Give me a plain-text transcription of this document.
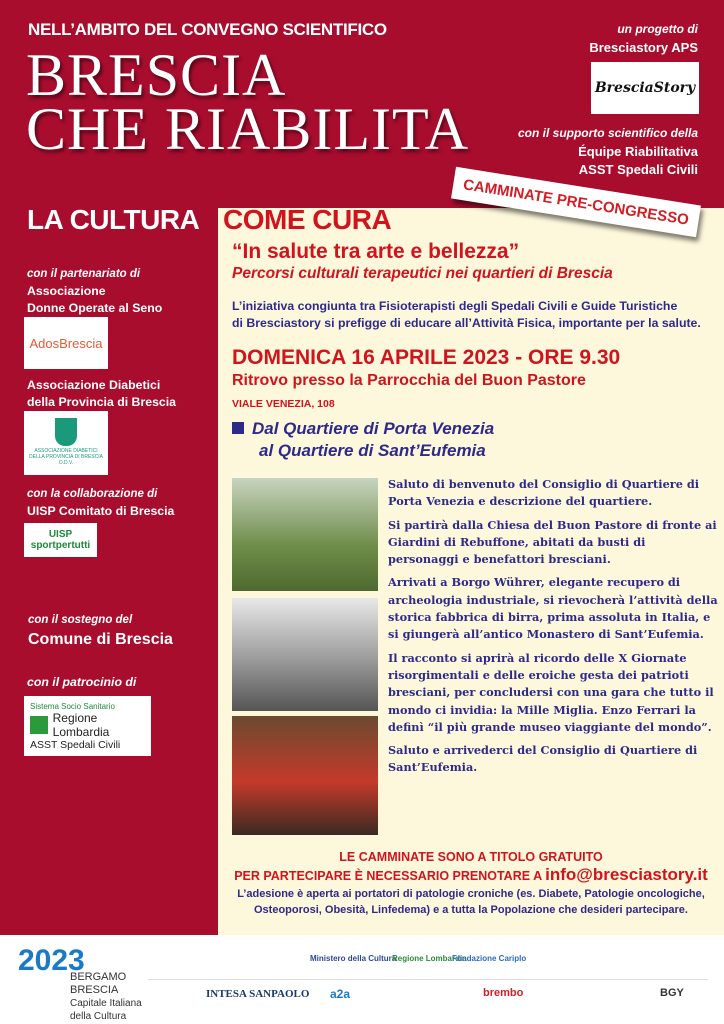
NELL’AMBITO DEL CONVEGNO SCIENTIFICO
BRESCIA
CHE RIABILITA
un progetto di
Bresciastory APS
BresciaStory
con il supporto scientifico della
Équipe Riabilitativa
ASST Spedali Civili
LA CULTURA COME CURA	CAMMINATE PRE-CONGRESSO
“In salute tra arte e bellezza”
Percorsi culturali terapeutici nei quartieri di Brescia
L’iniziativa congiunta tra Fisioterapisti degli Spedali Civili e Guide Turistiche
di Bresciastory si prefigge di educare all’Attività Fisica, importante per la salute.
DOMENICA 16 APRILE 2023 - ORE 9.30
Ritrovo presso la Parrocchia del Buon Pastore
VIALE VENEZIA, 108
Dal Quartiere di Porta Venezia
al Quartiere di Sant’Eufemia

Saluto di benvenuto del Consiglio di Quartiere di Porta Venezia e descrizione del quartiere.

Si partirà dalla Chiesa del Buon Pastore di fronte ai Giardini di Rebuffone, abitati da busti di personaggi e benefattori bresciani.

Arrivati a Borgo Wührer, elegante recupero di archeologia industriale, si rievocherà l’attività della storica fabbrica di birra, prima assoluta in Italia, e si giungerà all’antico Monastero di Sant’Eufemia.

Il racconto si aprirà al ricordo delle X Giornate risorgimentali e delle eroiche gesta dei patrioti bresciani, per concludersi con una gara che tutto il mondo ci invidia: la Mille Miglia. Enzo Ferrari la definì “il più grande museo viaggiante del mondo”.

Saluto e arrivederci del Consiglio di Quartiere di Sant’Eufemia.

LE CAMMINATE SONO A TITOLO GRATUITO
PER PARTECIPARE È NECESSARIO PRENOTARE A info@bresciastory.it
L’adesione è aperta ai portatori di patologie croniche (es. Diabete, Patologie oncologiche,
Osteoporosi, Obesità, Linfedema) e a tutta la Popolazione che desideri partecipare.
con il partenariato di
Associazione
Donne Operate al Seno
AdosBrescia
Associazione Diabetici
della Provincia di Brescia
ASSOCIAZIONE DIABETICI DELLA PROVINCIA DI BRESCIA O.D.V.
con la collaborazione di
UISP Comitato di Brescia
UISP sportpertutti
con il sostegno del
Comune di Brescia
con il patrocinio di
Sistema Socio Sanitario
Regione Lombardia
ASST Spedali Civili
2023
BERGAMO
BRESCIA
Capitale Italiana
della Cultura
Ministero della Cultura
Regione Lombardia
Fondazione Cariplo
INTESA SANPAOLO a2a	brembo	BGY
